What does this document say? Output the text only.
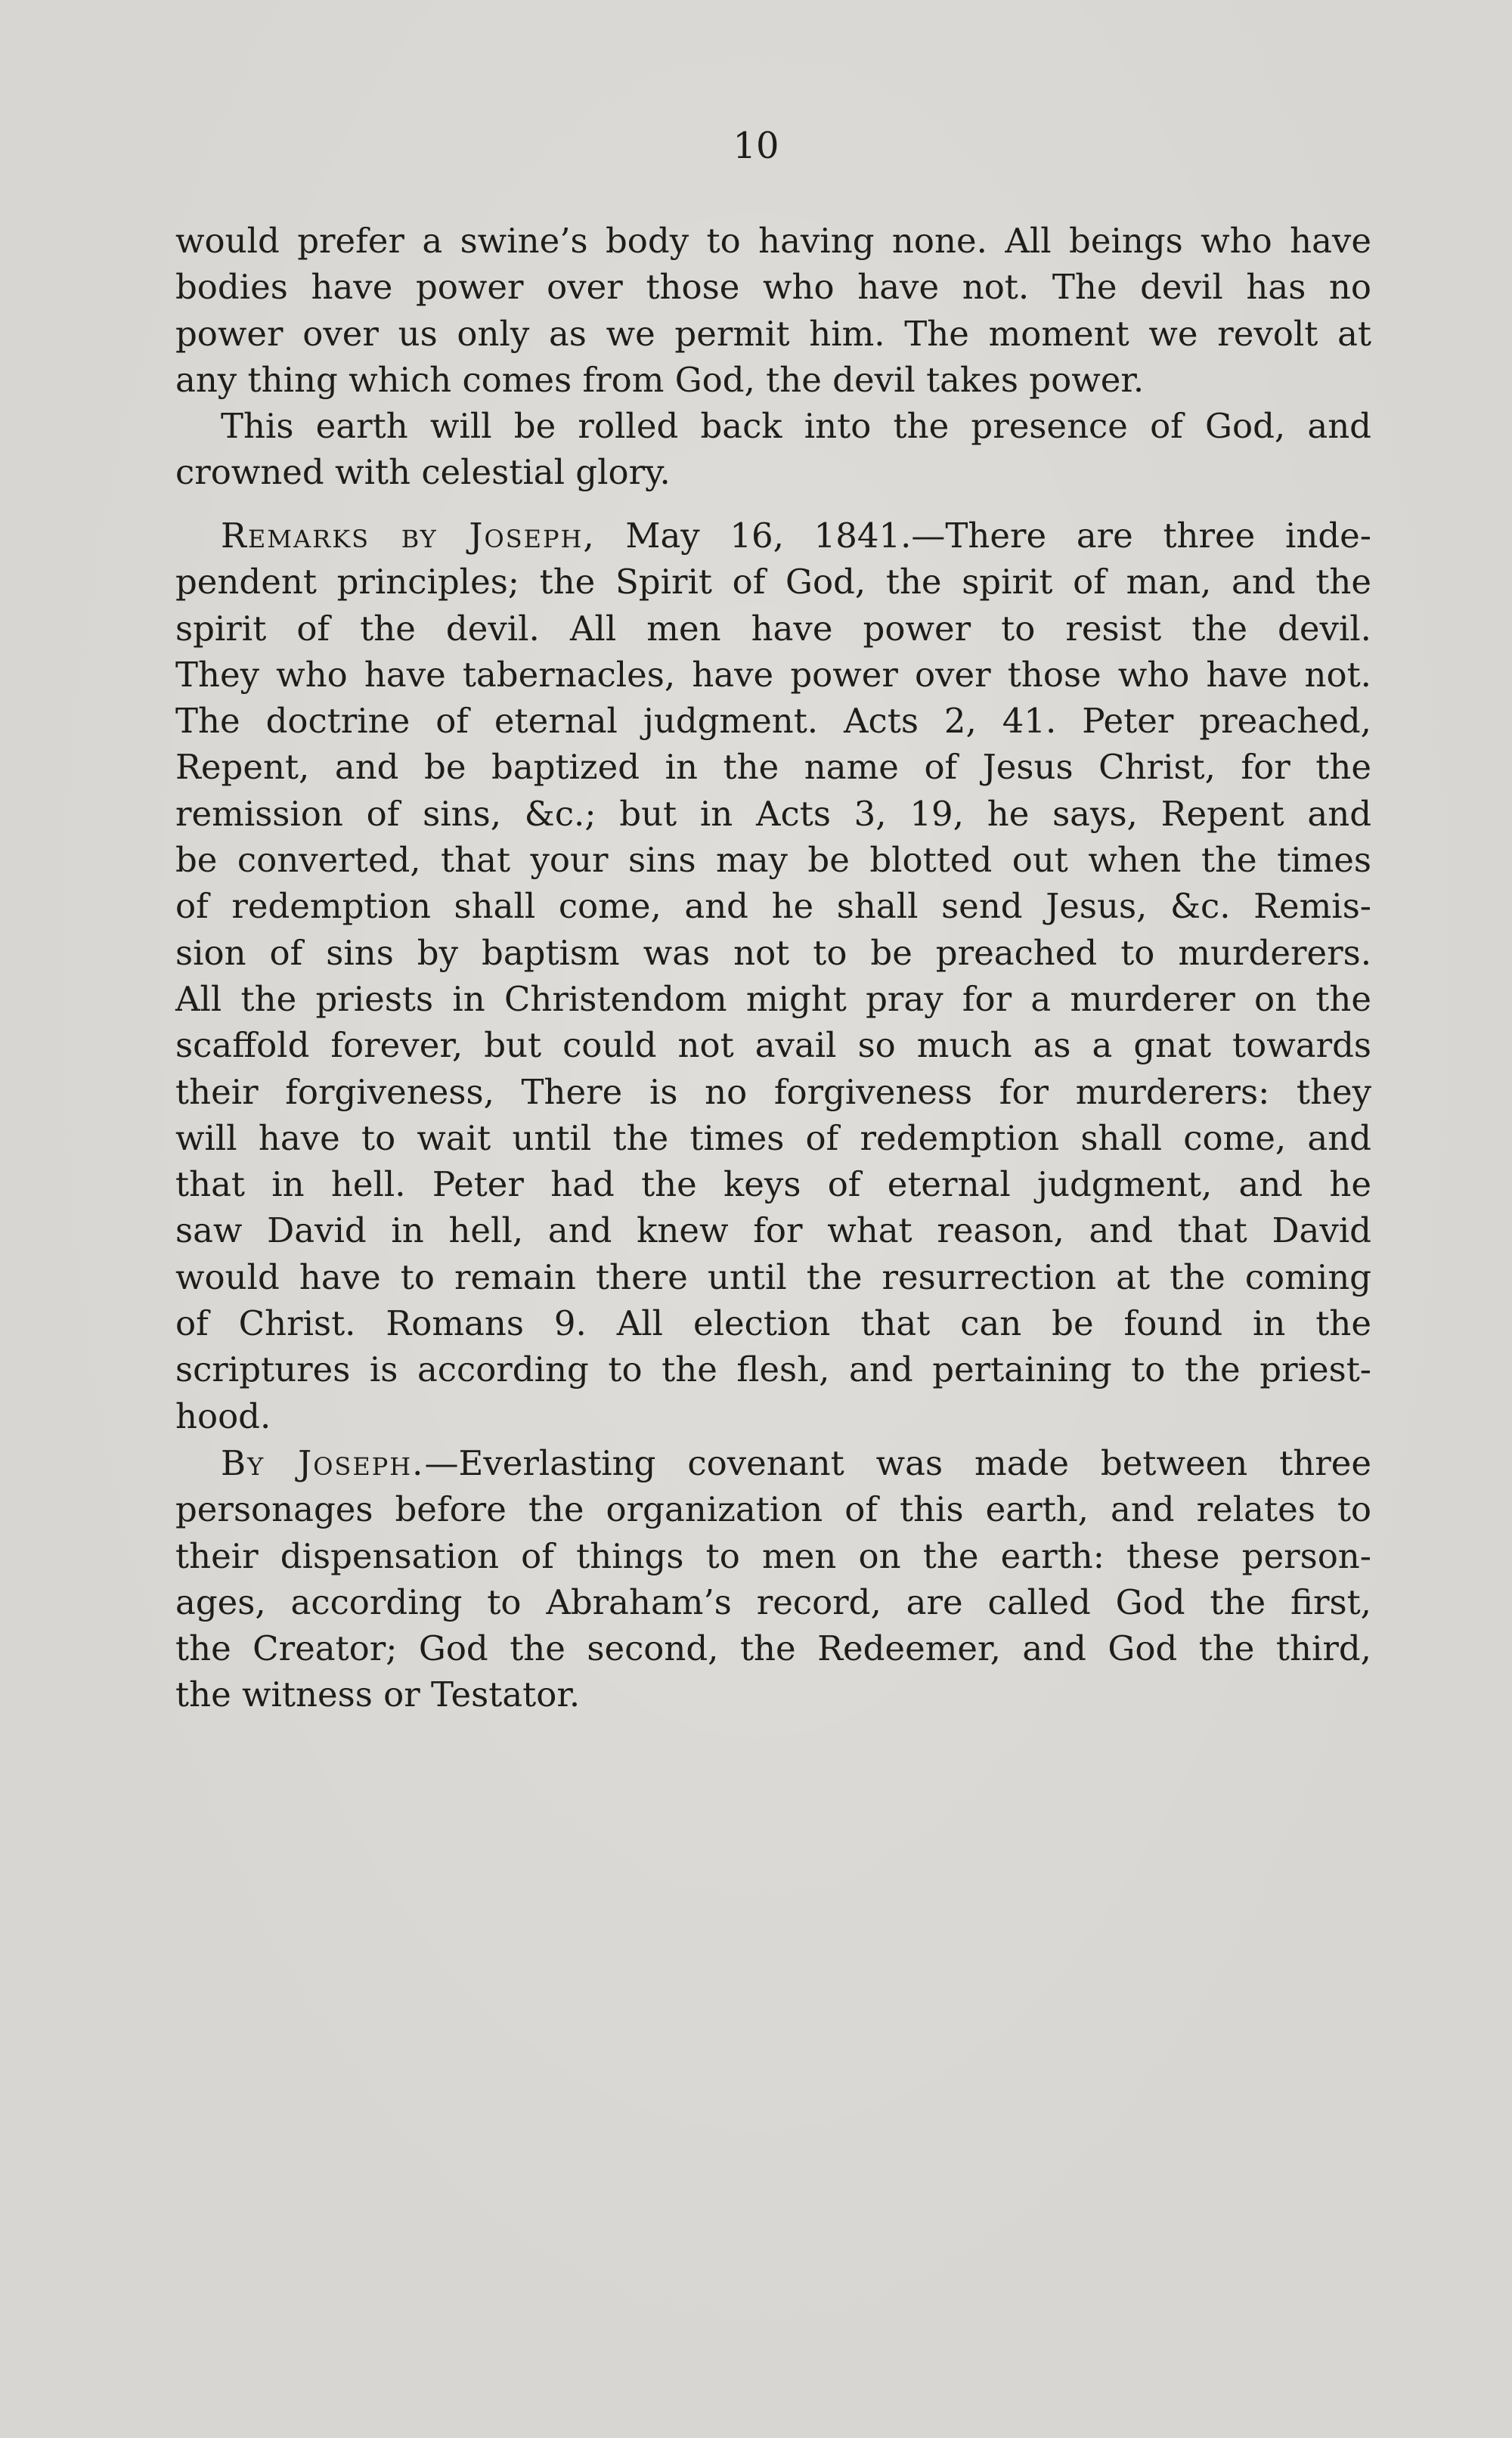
10
would prefer a swine’s body to having none. All beings who have
bodies have power over those who have not. The devil has no
power over us only as we permit him. The moment we revolt at
any thing which comes from God, the devil takes power.
This earth will be rolled back into the presence of God, and
crowned with celestial glory.
Remarks by Joseph, May 16, 1841.—There are three inde-
pendent principles; the Spirit of God, the spirit of man, and the
spirit of the devil. All men have power to resist the devil.
They who have tabernacles, have power over those who have not.
The doctrine of eternal judgment. Acts 2, 41. Peter preached,
Repent, and be baptized in the name of Jesus Christ, for the
remission of sins, &c.; but in Acts 3, 19, he says, Repent and
be converted, that your sins may be blotted out when the times
of redemption shall come, and he shall send Jesus, &c. Remis-
sion of sins by baptism was not to be preached to murderers.
All the priests in Christendom might pray for a murderer on the
scaffold forever, but could not avail so much as a gnat towards
their forgiveness, There is no forgiveness for murderers: they
will have to wait until the times of redemption shall come, and
that in hell. Peter had the keys of eternal judgment, and he
saw David in hell, and knew for what reason, and that David
would have to remain there until the resurrection at the coming
of Christ. Romans 9. All election that can be found in the
scriptures is according to the flesh, and pertaining to the priest-
hood.
By Joseph.—Everlasting covenant was made between three
personages before the organization of this earth, and relates to
their dispensation of things to men on the earth: these person-
ages, according to Abraham’s record, are called God the first,
the Creator; God the second, the Redeemer, and God the third,
the witness or Testator.
